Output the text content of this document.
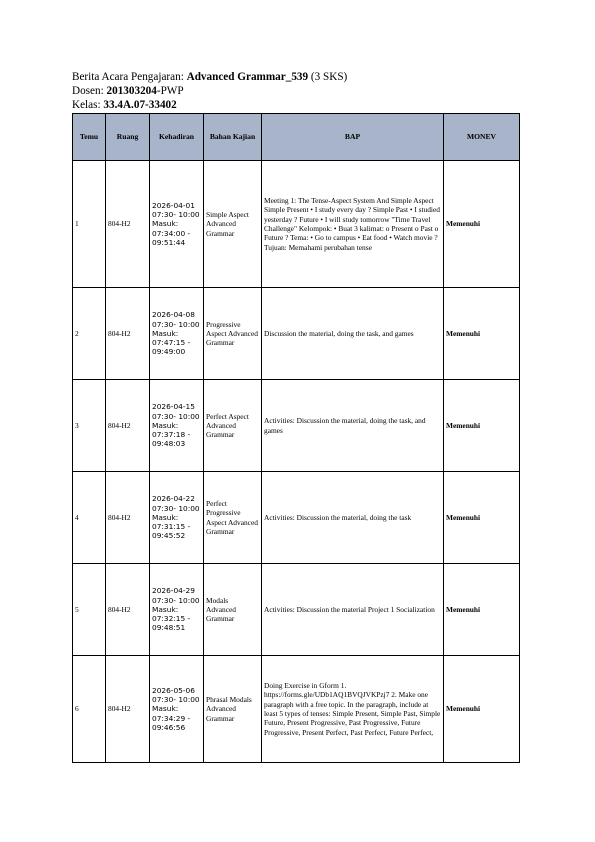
Berita Acara Pengajaran: Advanced Grammar_539 (3 SKS)
Dosen: 201303204-PWP
Kelas: 33.4A.07-33402
Temu	Ruang	Kehadiran	Bahan Kajian	BAP	MONEV
1	804-H2	2026-04-01 07:30- 10:00 Masuk: 07:34:00 - 09:51:44	Simple Aspect Advanced Grammar	Meeting 1: The Tense-Aspect System And Simple Aspect Simple Present • I study every day ? Simple Past • I studied yesterday ? Future • I will study tomorrow "Time Travel Challenge" Kelompok: • Buat 3 kalimat: o Present o Past o Future ? Tema: • Go to campus • Eat food • Watch movie ? Tujuan: Memahami perubahan tense	Memenuhi
2	804-H2	2026-04-08 07:30- 10:00 Masuk: 07:47:15 - 09:49:00	Progressive Aspect Advanced Grammar	Discussion the material, doing the task, and games	Memenuhi
3	804-H2	2026-04-15 07:30- 10:00 Masuk: 07:37:18 - 09:48:03	Perfect Aspect Advanced Grammar	Activities: Discussion the material, doing the task, and games	Memenuhi
4	804-H2	2026-04-22 07:30- 10:00 Masuk: 07:31:15 - 09:45:52	Perfect Progressive Aspect Advanced Grammar	Activities: Discussion the material, doing the task	Memenuhi
5	804-H2	2026-04-29 07:30- 10:00 Masuk: 07:32:15 - 09:48:51	Modals Advanced Grammar	Activities: Discussion the material Project 1 Socialization	Memenuhi
6	804-H2	2026-05-06 07:30- 10:00 Masuk: 07:34:29 - 09:46:56	Phrasal Modals Advanced Grammar	Doing Exercise in Gform 1. https://forms.gle/UDb1AQ1BVQJVKPzj7 2. Make one paragraph with a free topic. In the paragraph, include at least 5 types of tenses: Simple Present, Simple Past, Simple Future, Present Progressive, Past Progressive, Future Progressive, Present Perfect, Past Perfect, Future Perfect,	Memenuhi
